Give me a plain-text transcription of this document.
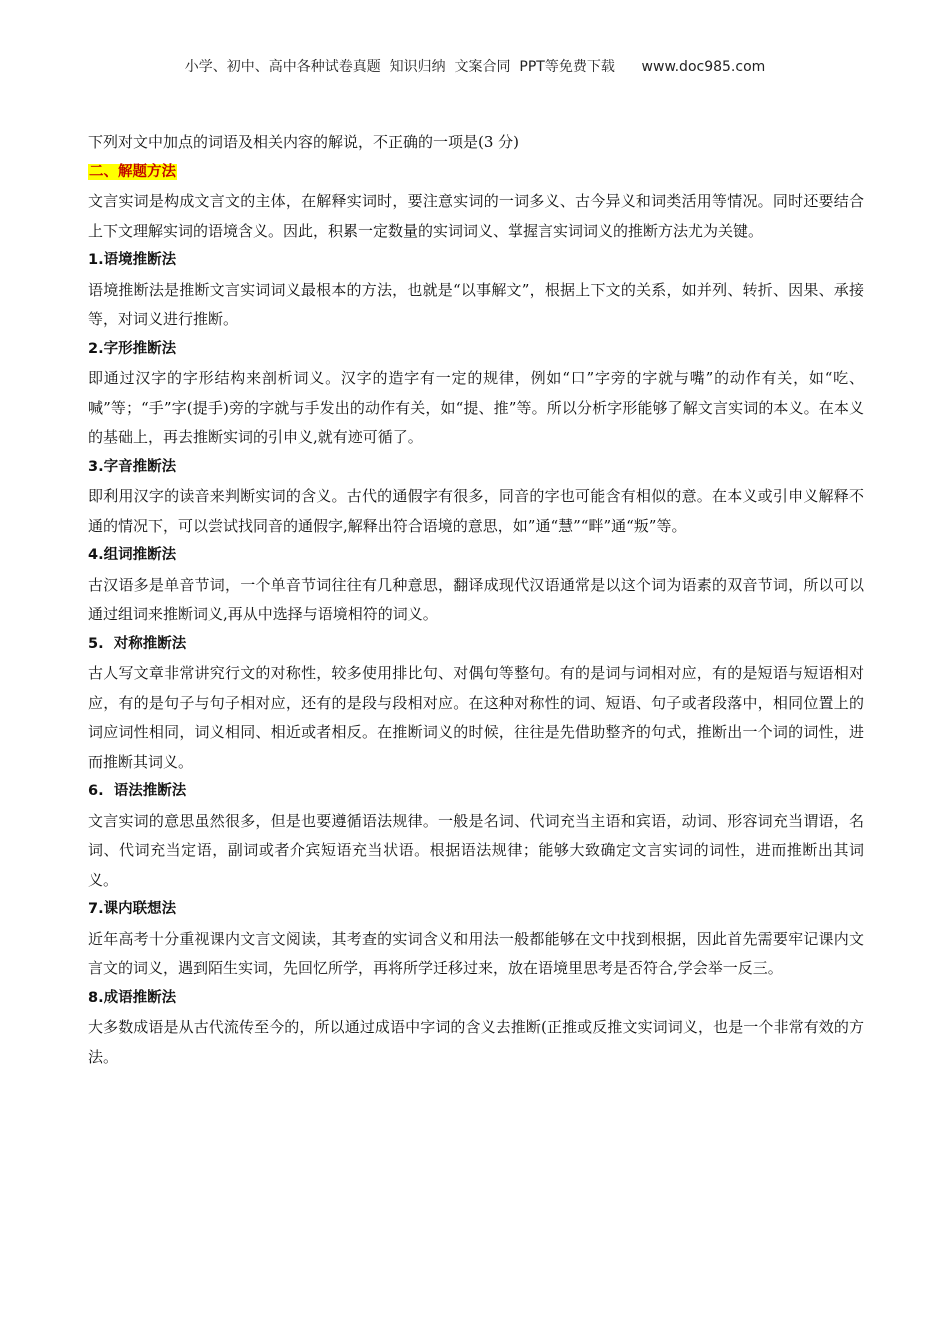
小学、初中、高中各种试卷真题  知识归纳  文案合同  PPT等免费下载      www.doc985.com

下列对文中加点的词语及相关内容的解说，不正确的一项是(3 分)

二、解题方法

文言实词是构成文言文的主体，在解释实词时，要注意实词的一词多义、古今异义和词类活用等情况。同时还要结合上下文理解实词的语境含义。因此，积累一定数量的实词词义、掌握言实词词义的推断方法尤为关键。

1.语境推断法

语境推断法是推断文言实词词义最根本的方法，也就是“以事解文”，根据上下文的关系，如并列、转折、因果、承接等，对词义进行推断。

2.字形推断法

即通过汉字的字形结构来剖析词义。汉字的造字有一定的规律，例如“口”字旁的字就与嘴”的动作有关，如“吃、喊”等；“手”字(提手)旁的字就与手发出的动作有关，如“提、推”等。所以分析字形能够了解文言实词的本义。在本义的基础上，再去推断实词的引申义,就有迹可循了。

3.字音推断法

即利用汉字的读音来判断实词的含义。古代的通假字有很多，同音的字也可能含有相似的意。在本义或引申义解释不通的情况下，可以尝试找同音的通假字,解释出符合语境的意思，如”通“慧”“畔”通“叛”等。

4.组词推断法

古汉语多是单音节词，一个单音节词往往有几种意思，翻译成现代汉语通常是以这个词为语素的双音节词，所以可以通过组词来推断词义,再从中选择与语境相符的词义。

5.  对称推断法

古人写文章非常讲究行文的对称性，较多使用排比句、对偶句等整句。有的是词与词相对应，有的是短语与短语相对应，有的是句子与句子相对应，还有的是段与段相对应。在这种对称性的词、短语、句子或者段落中，相同位置上的词应词性相同，词义相同、相近或者相反。在推断词义的时候，往往是先借助整齐的句式，推断出一个词的词性，进而推断其词义。

6.  语法推断法

文言实词的意思虽然很多，但是也要遵循语法规律。一般是名词、代词充当主语和宾语，动词、形容词充当谓语，名词、代词充当定语，副词或者介宾短语充当状语。根据语法规律；能够大致确定文言实词的词性，进而推断出其词义。

7.课内联想法

近年高考十分重视课内文言文阅读，其考查的实词含义和用法一般都能够在文中找到根据，因此首先需要牢记课内文言文的词义，遇到陌生实词，先回忆所学，再将所学迁移过来，放在语境里思考是否符合,学会举一反三。

8.成语推断法

大多数成语是从古代流传至今的，所以通过成语中字词的含义去推断(正推或反推文实词词义，也是一个非常有效的方法。
